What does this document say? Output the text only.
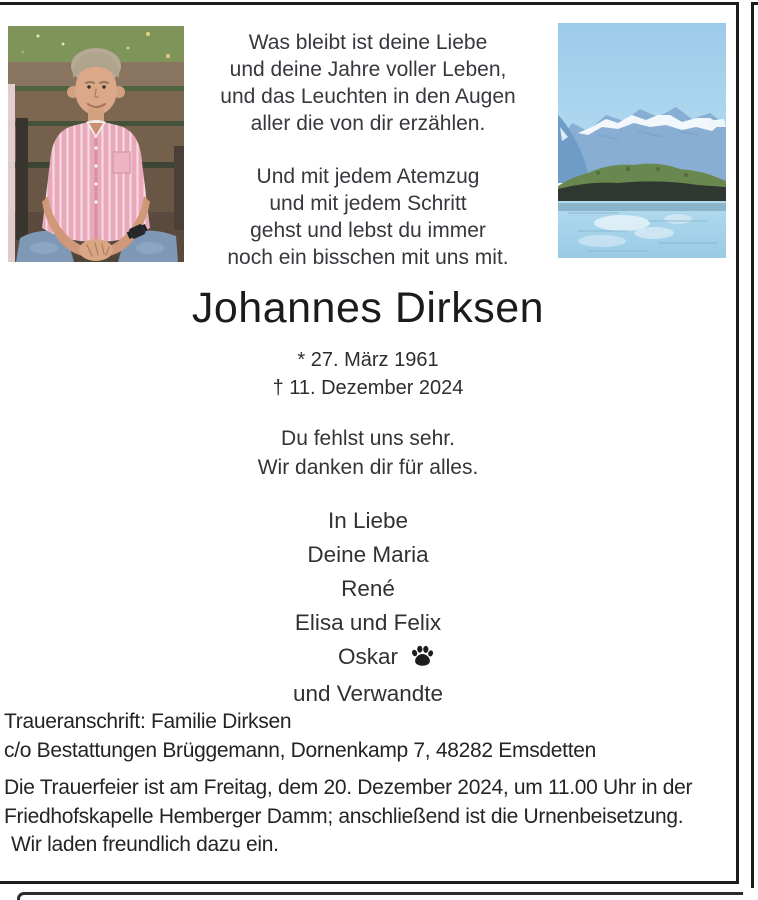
Was bleibt ist deine Liebe
und deine Jahre voller Leben,
und das Leuchten in den Augen
aller die von dir erzählen.
Und mit jedem Atemzug
und mit jedem Schritt
gehst und lebst du immer
noch ein bisschen mit uns mit.
Johannes Dirksen
* 27. März 1961
† 11. Dezember 2024
Du fehlst uns sehr.
Wir danken dir für alles.
In Liebe
Deine Maria
René
Elisa und Felix
Oskar
und Verwandte
Traueranschrift: Familie Dirksen
c/o Bestattungen Brüggemann, Dornenkamp 7, 48282 Emsdetten
Die Trauerfeier ist am Freitag, dem 20. Dezember 2024, um 11.00 Uhr in der
Friedhofskapelle Hemberger Damm; anschließend ist die Urnenbeisetzung.
Wir laden freundlich dazu ein.
